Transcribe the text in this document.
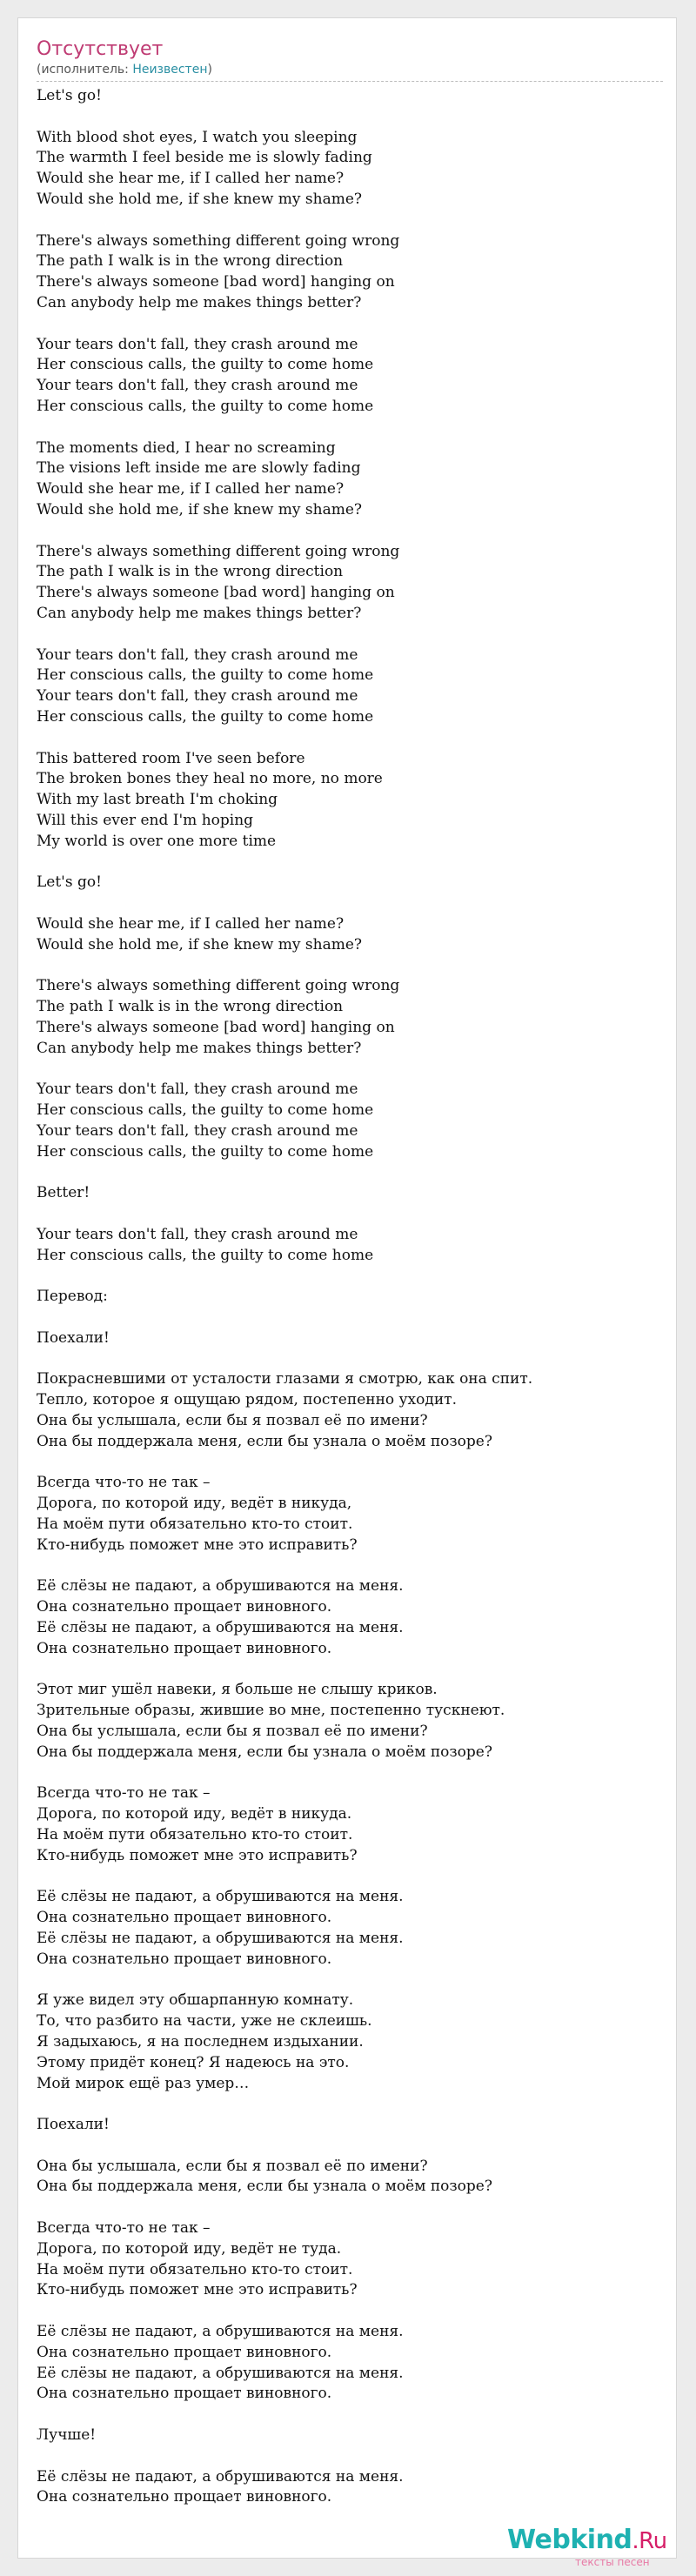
Отсутствует
(исполнитель: Неизвестен)
Let's go!
With blood shot eyes, I watch you sleeping
The warmth I feel beside me is slowly fading
Would she hear me, if I called her name?
Would she hold me, if she knew my shame?
There's always something different going wrong
The path I walk is in the wrong direction
There's always someone [bad word] hanging on
Can anybody help me makes things better?
Your tears don't fall, they crash around me
Her conscious calls, the guilty to come home
Your tears don't fall, they crash around me
Her conscious calls, the guilty to come home
The moments died, I hear no screaming
The visions left inside me are slowly fading
Would she hear me, if I called her name?
Would she hold me, if she knew my shame?
There's always something different going wrong
The path I walk is in the wrong direction
There's always someone [bad word] hanging on
Can anybody help me makes things better?
Your tears don't fall, they crash around me
Her conscious calls, the guilty to come home
Your tears don't fall, they crash around me
Her conscious calls, the guilty to come home
This battered room I've seen before
The broken bones they heal no more, no more
With my last breath I'm choking
Will this ever end I'm hoping
My world is over one more time
Let's go!
Would she hear me, if I called her name?
Would she hold me, if she knew my shame?
There's always something different going wrong
The path I walk is in the wrong direction
There's always someone [bad word] hanging on
Can anybody help me makes things better?
Your tears don't fall, they crash around me
Her conscious calls, the guilty to come home
Your tears don't fall, they crash around me
Her conscious calls, the guilty to come home
Better!
Your tears don't fall, they crash around me
Her conscious calls, the guilty to come home
Перевод:
Поехали!
Покрасневшими от усталости глазами я смотрю, как она спит.
Тепло, которое я ощущаю рядом, постепенно уходит.
Она бы услышала, если бы я позвал её по имени?
Она бы поддержала меня, если бы узнала о моём позоре?
Всегда что-то не так –
Дорога, по которой иду, ведёт в никуда,
На моём пути обязательно кто-то стоит.
Кто-нибудь поможет мне это исправить?
Её слёзы не падают, а обрушиваются на меня.
Она сознательно прощает виновного.
Её слёзы не падают, а обрушиваются на меня.
Она сознательно прощает виновного.
Этот миг ушёл навеки, я больше не слышу криков.
Зрительные образы, жившие во мне, постепенно тускнеют.
Она бы услышала, если бы я позвал её по имени?
Она бы поддержала меня, если бы узнала о моём позоре?
Всегда что-то не так –
Дорога, по которой иду, ведёт в никуда.
На моём пути обязательно кто-то стоит.
Кто-нибудь поможет мне это исправить?
Её слёзы не падают, а обрушиваются на меня.
Она сознательно прощает виновного.
Её слёзы не падают, а обрушиваются на меня.
Она сознательно прощает виновного.
Я уже видел эту обшарпанную комнату.
То, что разбито на части, уже не склеишь.
Я задыхаюсь, я на последнем издыхании.
Этому придёт конец? Я надеюсь на это.
Мой мирок ещё раз умер…
Поехали!
Она бы услышала, если бы я позвал её по имени?
Она бы поддержала меня, если бы узнала о моём позоре?
Всегда что-то не так –
Дорога, по которой иду, ведёт не туда.
На моём пути обязательно кто-то стоит.
Кто-нибудь поможет мне это исправить?
Её слёзы не падают, а обрушиваются на меня.
Она сознательно прощает виновного.
Её слёзы не падают, а обрушиваются на меня.
Она сознательно прощает виновного.
Лучше!
Её слёзы не падают, а обрушиваются на меня.
Она сознательно прощает виновного.
Webkind.Ru
тексты песен
